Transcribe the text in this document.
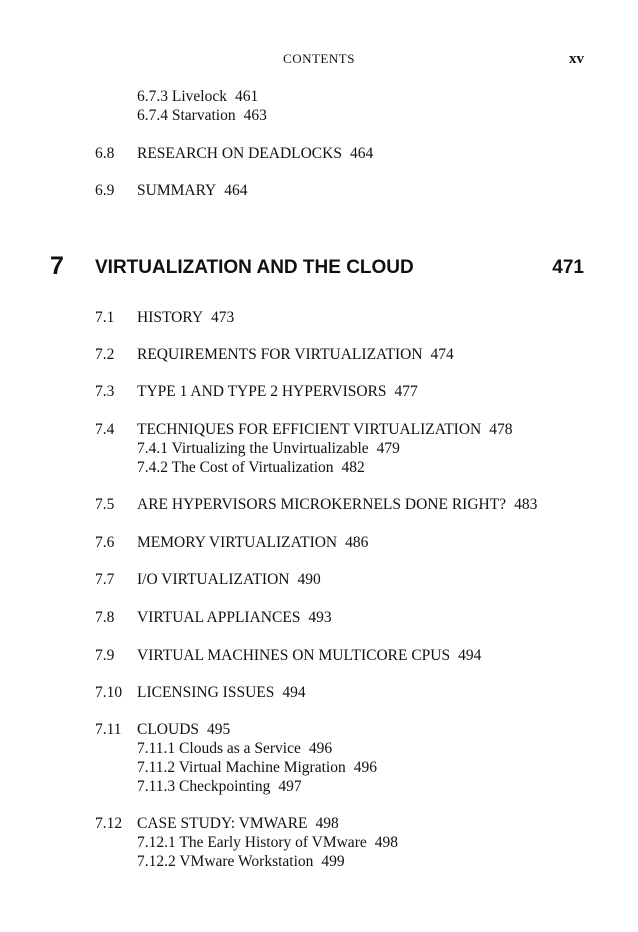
CONTENTS	xv
6.7.3 Livelock 461
6.7.4 Starvation 463
6.8 RESEARCH ON DEADLOCKS 464
6.9 SUMMARY 464
7 VIRTUALIZATION AND THE CLOUD	471
7.1 HISTORY 473
7.2 REQUIREMENTS FOR VIRTUALIZATION 474
7.3 TYPE 1 AND TYPE 2 HYPERVISORS 477
7.4 TECHNIQUES FOR EFFICIENT VIRTUALIZATION 478
7.4.1 Virtualizing the Unvirtualizable 479
7.4.2 The Cost of Virtualization 482
7.5 ARE HYPERVISORS MICROKERNELS DONE RIGHT? 483
7.6 MEMORY VIRTUALIZATION 486
7.7 I/O VIRTUALIZATION 490
7.8 VIRTUAL APPLIANCES 493
7.9 VIRTUAL MACHINES ON MULTICORE CPUS 494
7.10 LICENSING ISSUES 494
7.11 CLOUDS 495
7.11.1 Clouds as a Service 496
7.11.2 Virtual Machine Migration 496
7.11.3 Checkpointing 497
7.12 CASE STUDY: VMWARE 498
7.12.1 The Early History of VMware 498
7.12.2 VMware Workstation 499
